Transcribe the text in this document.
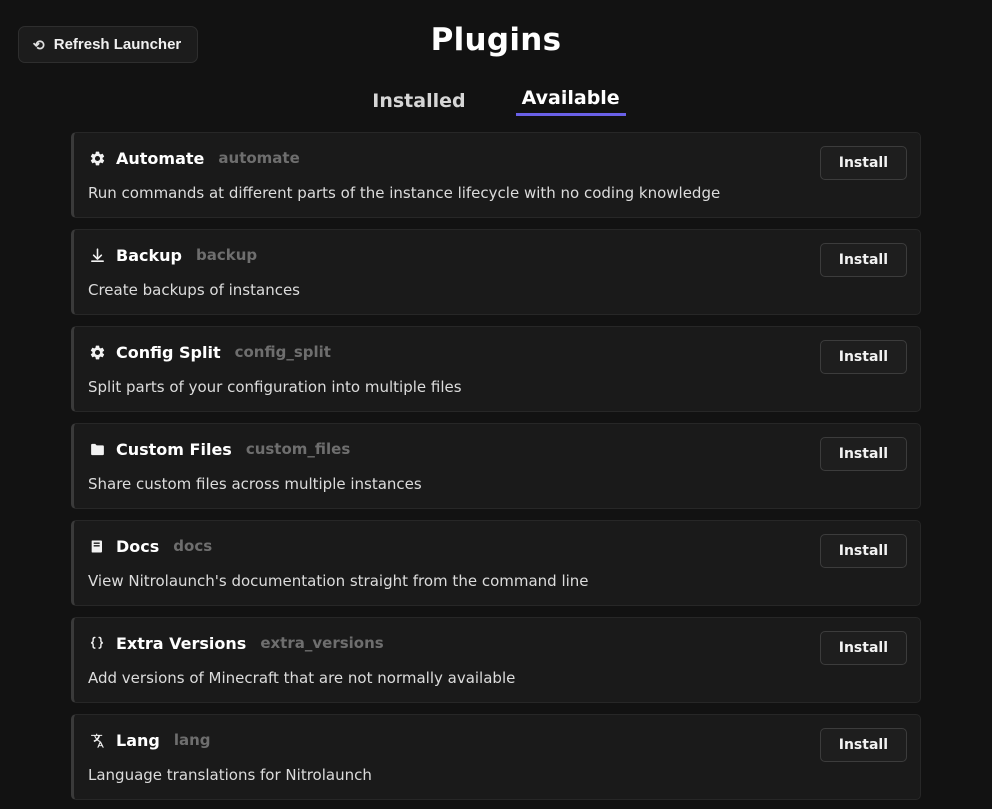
⟳ Refresh Launcher	Plugins
Installed	Available
Automate automate
Run commands at different parts of the instance lifecycle with no coding knowledge
Install
Backup backup
Create backups of instances
Install
Config Split config_split
Split parts of your configuration into multiple files
Install
Custom Files custom_files
Share custom files across multiple instances
Install
Docs docs
View Nitrolaunch's documentation straight from the command line
Install
Extra Versions extra_versions
Add versions of Minecraft that are not normally available
Install
Lang lang
Language translations for Nitrolaunch
Install
